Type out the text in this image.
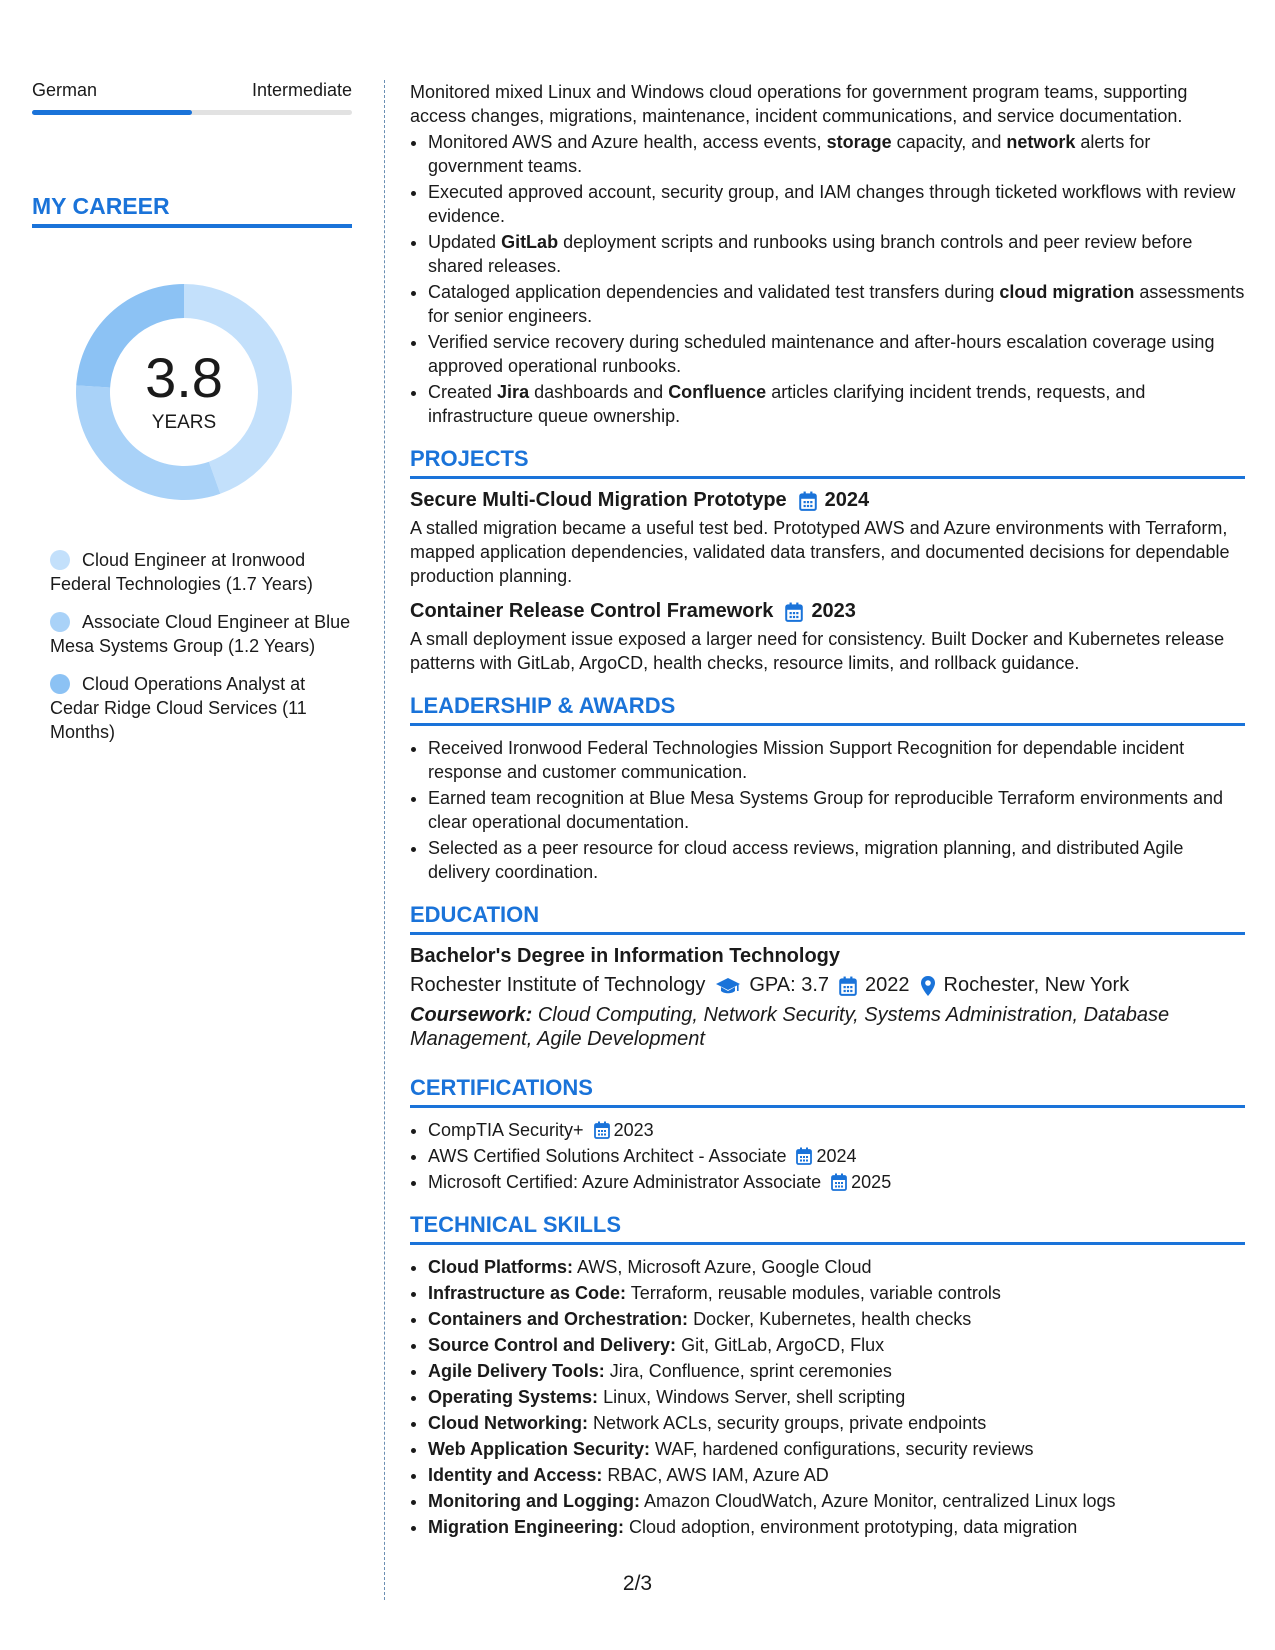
German	Intermediate
MY CAREER
3.8
YEARS
Cloud Engineer at Ironwood Federal Technologies (1.7 Years)
Associate Cloud Engineer at Blue Mesa Systems Group (1.2 Years)
Cloud Operations Analyst at Cedar Ridge Cloud Services (11 Months)

Monitored mixed Linux and Windows cloud operations for government program teams, supporting access changes, migrations, maintenance, incident communications, and service documentation.

• Monitored AWS and Azure health, access events, storage capacity, and network alerts for government teams.
• Executed approved account, security group, and IAM changes through ticketed workflows with review evidence.
• Updated GitLab deployment scripts and runbooks using branch controls and peer review before shared releases.
• Cataloged application dependencies and validated test transfers during cloud migration assessments for senior engineers.
• Verified service recovery during scheduled maintenance and after-hours escalation coverage using approved operational runbooks.
• Created Jira dashboards and Confluence articles clarifying incident trends, requests, and infrastructure queue ownership.
PROJECTS
Secure Multi-Cloud Migration Prototype 2024
A stalled migration became a useful test bed. Prototyped AWS and Azure environments with Terraform, mapped application dependencies, validated data transfers, and documented decisions for dependable production planning.
Container Release Control Framework 2023
A small deployment issue exposed a larger need for consistency. Built Docker and Kubernetes release patterns with GitLab, ArgoCD, health checks, resource limits, and rollback guidance.
LEADERSHIP & AWARDS
• Received Ironwood Federal Technologies Mission Support Recognition for dependable incident response and customer communication.
• Earned team recognition at Blue Mesa Systems Group for reproducible Terraform environments and clear operational documentation.
• Selected as a peer resource for cloud access reviews, migration planning, and distributed Agile delivery coordination.
EDUCATION
Bachelor's Degree in Information Technology
Rochester Institute of Technology GPA: 3.7 2022 Rochester, New York
Coursework: Cloud Computing, Network Security, Systems Administration, Database Management, Agile Development
CERTIFICATIONS
• CompTIA Security+ 2023
• AWS Certified Solutions Architect - Associate 2024
• Microsoft Certified: Azure Administrator Associate 2025
TECHNICAL SKILLS
• Cloud Platforms: AWS, Microsoft Azure, Google Cloud
• Infrastructure as Code: Terraform, reusable modules, variable controls
• Containers and Orchestration: Docker, Kubernetes, health checks
• Source Control and Delivery: Git, GitLab, ArgoCD, Flux
• Agile Delivery Tools: Jira, Confluence, sprint ceremonies
• Operating Systems: Linux, Windows Server, shell scripting
• Cloud Networking: Network ACLs, security groups, private endpoints
• Web Application Security: WAF, hardened configurations, security reviews
• Identity and Access: RBAC, AWS IAM, Azure AD
• Monitoring and Logging: Amazon CloudWatch, Azure Monitor, centralized Linux logs
• Migration Engineering: Cloud adoption, environment prototyping, data migration
2/3
